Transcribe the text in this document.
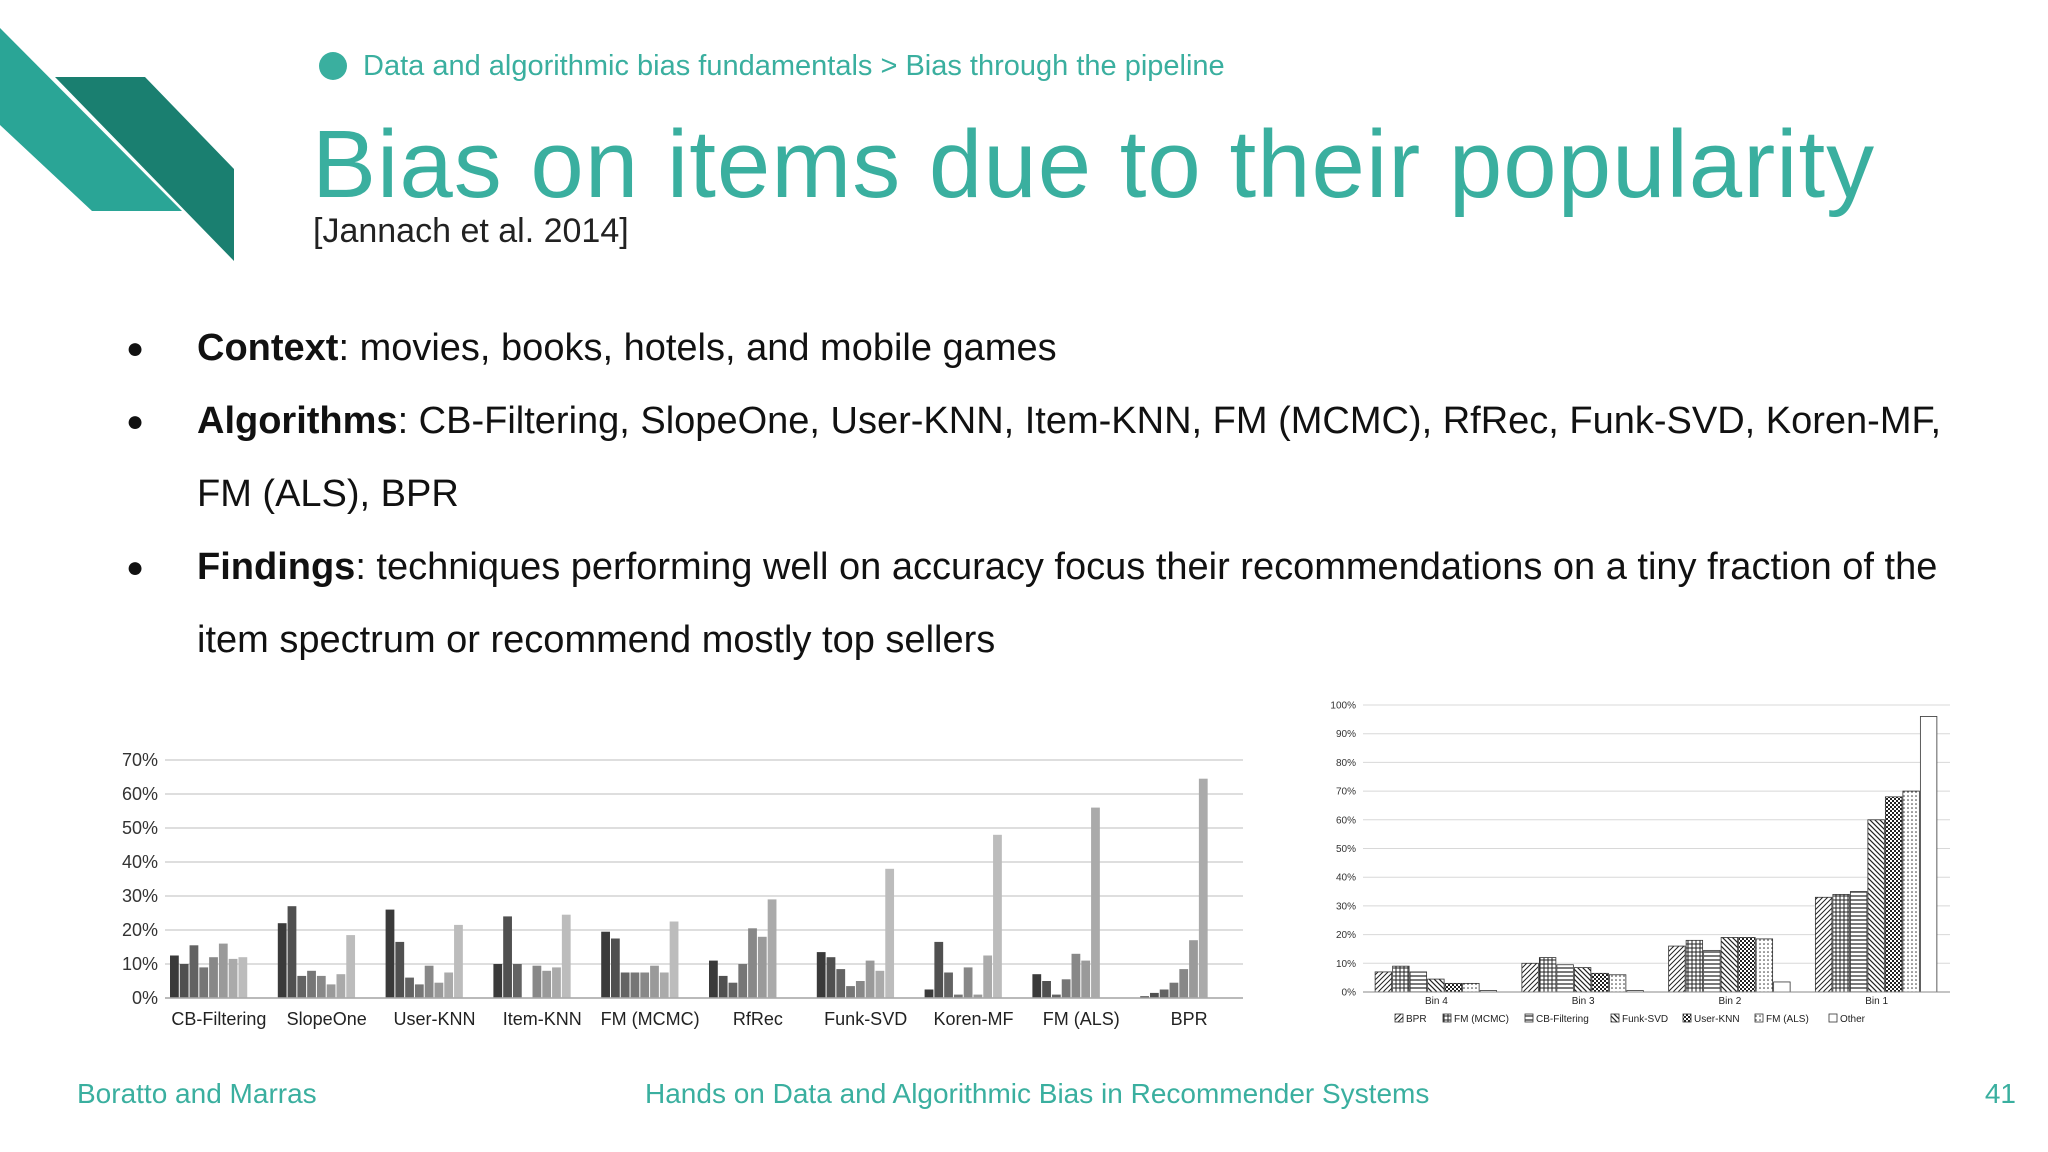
Data and algorithmic bias fundamentals > Bias through the pipeline
Bias on items due to their popularity
[Jannach et al. 2014]
● Context: movies, books, hotels, and mobile games
● Algorithms: CB-Filtering, SlopeOne, User-KNN, Item-KNN, FM (MCMC), RfRec, Funk-SVD, Koren-MF, FM (ALS), BPR
● Findings: techniques performing well on accuracy focus their recommendations on a tiny fraction of the item spectrum or recommend mostly top sellers
0%
10%
20%
30%
40%
50%
60%
70%
CB-Filtering SlopeOne User-KNN Item-KNN FM (MCMC) RfRec Funk-SVD Koren-MF FM (ALS)	BPR
0%
10%
20%
30%
40%
50%
60%
70%
80%
90%
100%
Bin 4	Bin 3	Bin 2	Bin 1
BPR	FM (MCMC)	CB-Filtering	Funk-SVD	User-KNN	FM (ALS)	Other
Boratto and Marras	Hands on Data and Algorithmic Bias in Recommender Systems	41
